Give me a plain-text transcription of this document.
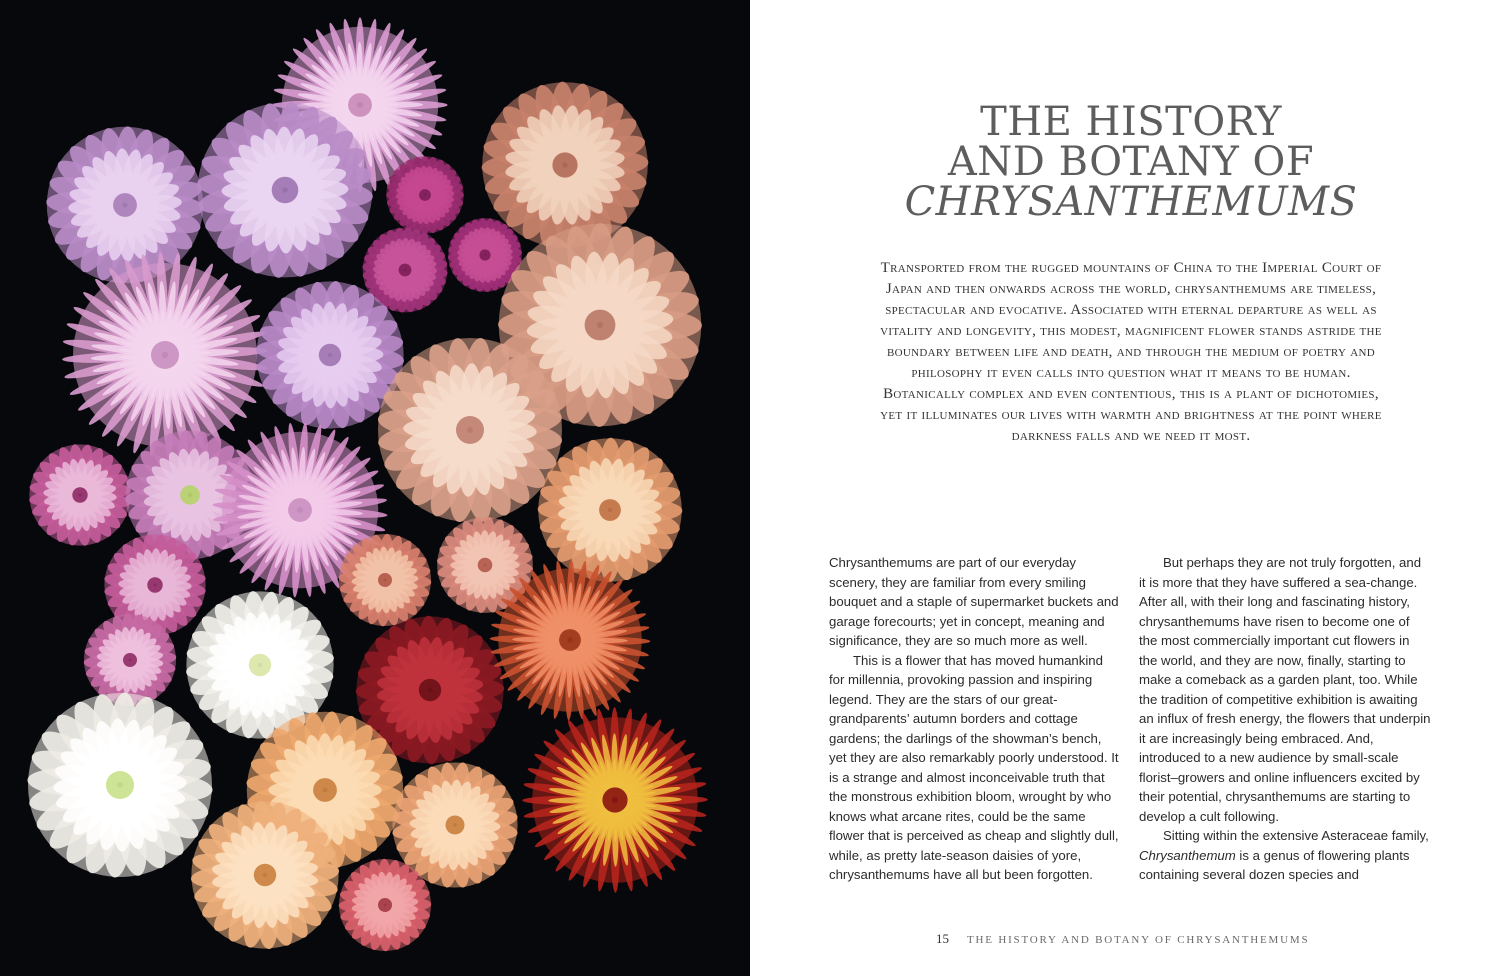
THE HISTORY
AND BOTANY OF
CHRYSANTHEMUMS

Transported from the rugged mountains of China to the Imperial Court of Japan and then onwards across the world, chrysanthemums are timeless, spectacular and evocative. Associated with eternal departure as well as vitality and longevity, this modest, magnificent flower stands astride the boundary between life and death, and through the medium of poetry and philosophy it even calls into question what it means to be human. Botanically complex and even contentious, this is a plant of dichotomies, yet it illuminates our lives with warmth and brightness at the point where darkness falls and we need it most.

Chrysanthemums are part of our everyday scenery, they are familiar from every smiling bouquet and a staple of supermarket buckets and garage forecourts; yet in concept, meaning and significance, they are so much more as well.

This is a flower that has moved humankind for millennia, provoking passion and inspiring legend. They are the stars of our great-grandparents’ autumn borders and cottage gardens; the darlings of the showman’s bench, yet they are also remarkably poorly understood. It is a strange and almost inconceivable truth that the monstrous exhibition bloom, wrought by who knows what arcane rites, could be the same flower that is perceived as cheap and slightly dull, while, as pretty late-season daisies of yore, chrysanthemums have all but been forgotten.

But perhaps they are not truly forgotten, and it is more that they have suffered a sea-change. After all, with their long and fascinating history, chrysanthemums have risen to become one of the most commercially important cut flowers in the world, and they are now, finally, starting to make a comeback as a garden plant, too. While the tradition of competitive exhibition is awaiting an influx of fresh energy, the flowers that underpin it are increasingly being embraced. And, introduced to a new audience by small-scale florist–growers and online influencers excited by their potential, chrysanthemums are starting to develop a cult following.

Sitting within the extensive Asteraceae family, Chrysanthemum is a genus of flowering plants containing several dozen species and

15 THE HISTORY AND BOTANY OF CHRYSANTHEMUMS
